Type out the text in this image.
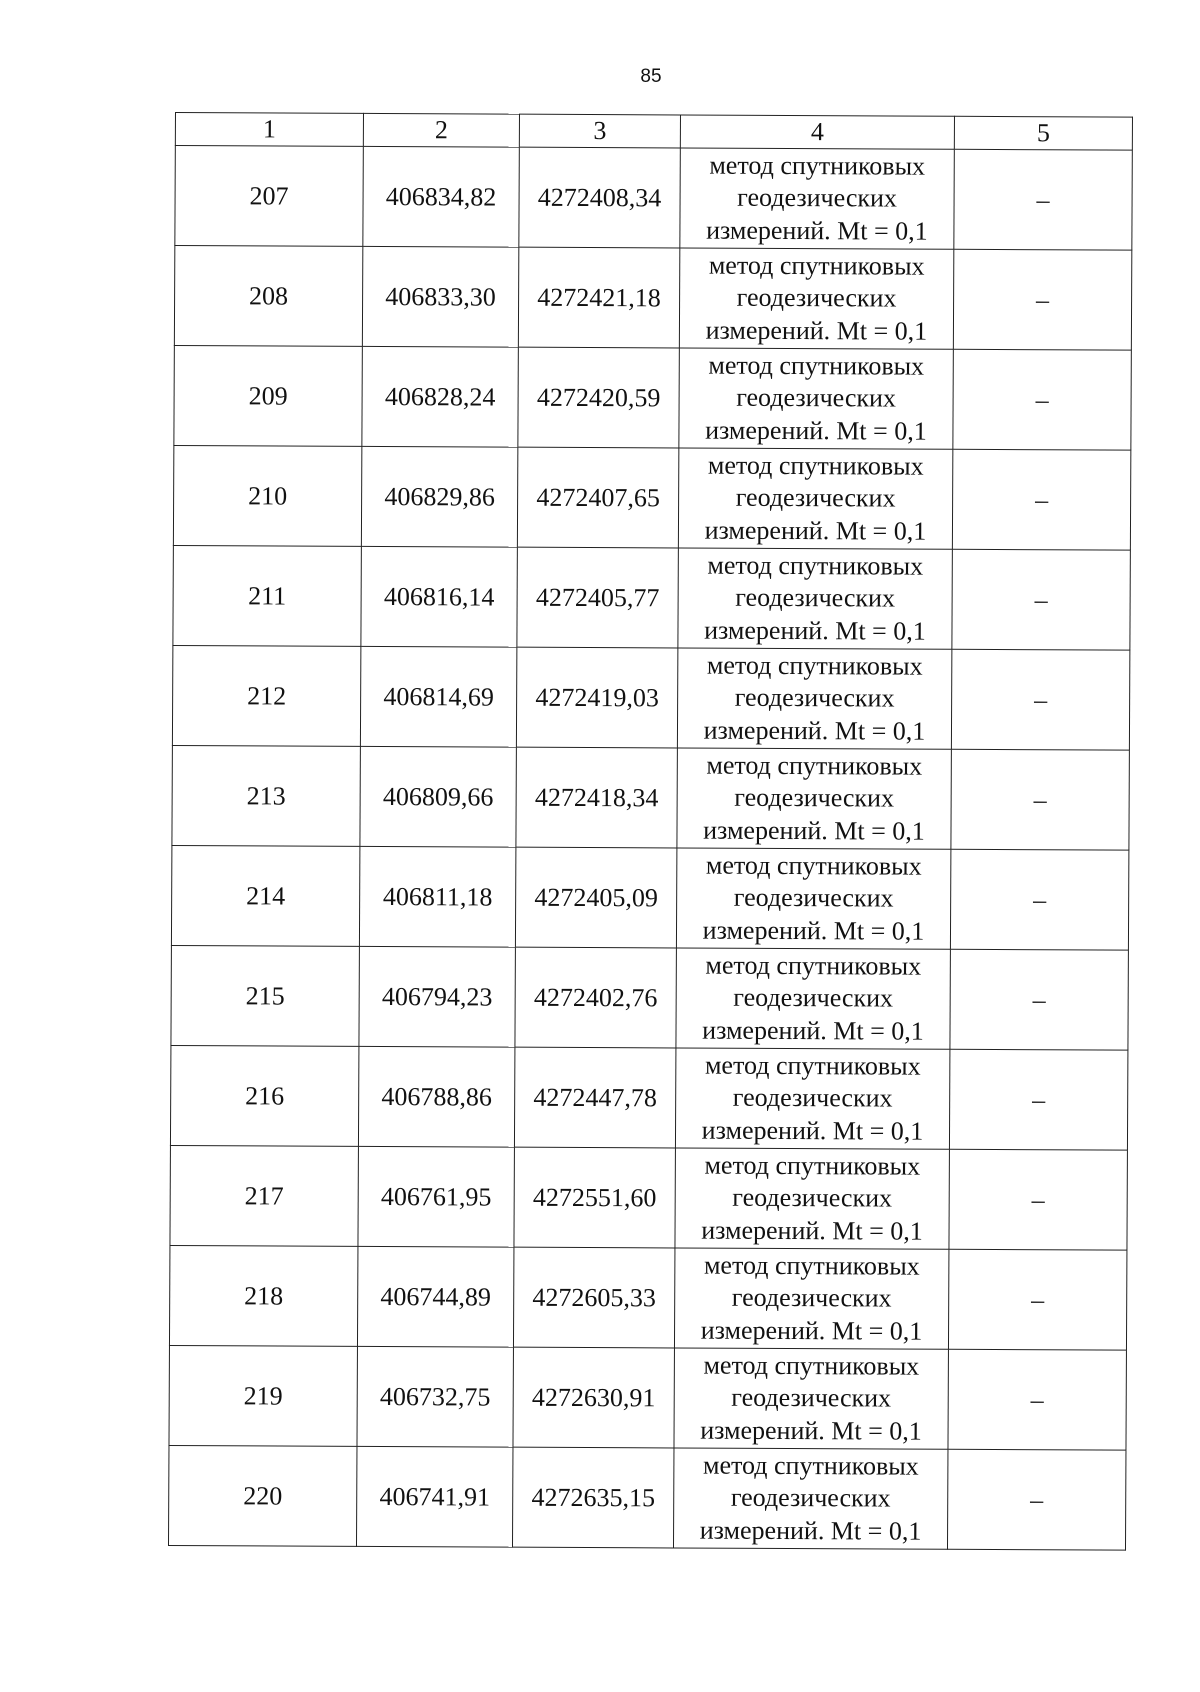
85
1	2	3	4	5
207	406834,82	4272408,34	метод спутниковых
геодезических
измерений. Mt = 0,1	–
208	406833,30	4272421,18	метод спутниковых
геодезических
измерений. Mt = 0,1	–
209	406828,24	4272420,59	метод спутниковых
геодезических
измерений. Mt = 0,1	–
210	406829,86	4272407,65	метод спутниковых
геодезических
измерений. Mt = 0,1	–
211	406816,14	4272405,77	метод спутниковых
геодезических
измерений. Mt = 0,1	–
212	406814,69	4272419,03	метод спутниковых
геодезических
измерений. Mt = 0,1	–
213	406809,66	4272418,34	метод спутниковых
геодезических
измерений. Mt = 0,1	–
214	406811,18	4272405,09	метод спутниковых
геодезических
измерений. Mt = 0,1	–
215	406794,23	4272402,76	метод спутниковых
геодезических
измерений. Mt = 0,1	–
216	406788,86	4272447,78	метод спутниковых
геодезических
измерений. Mt = 0,1	–
217	406761,95	4272551,60	метод спутниковых
геодезических
измерений. Mt = 0,1	–
218	406744,89	4272605,33	метод спутниковых
геодезических
измерений. Mt = 0,1	–
219	406732,75	4272630,91	метод спутниковых
геодезических
измерений. Mt = 0,1	–
220	406741,91	4272635,15	метод спутниковых
геодезических
измерений. Mt = 0,1	–
